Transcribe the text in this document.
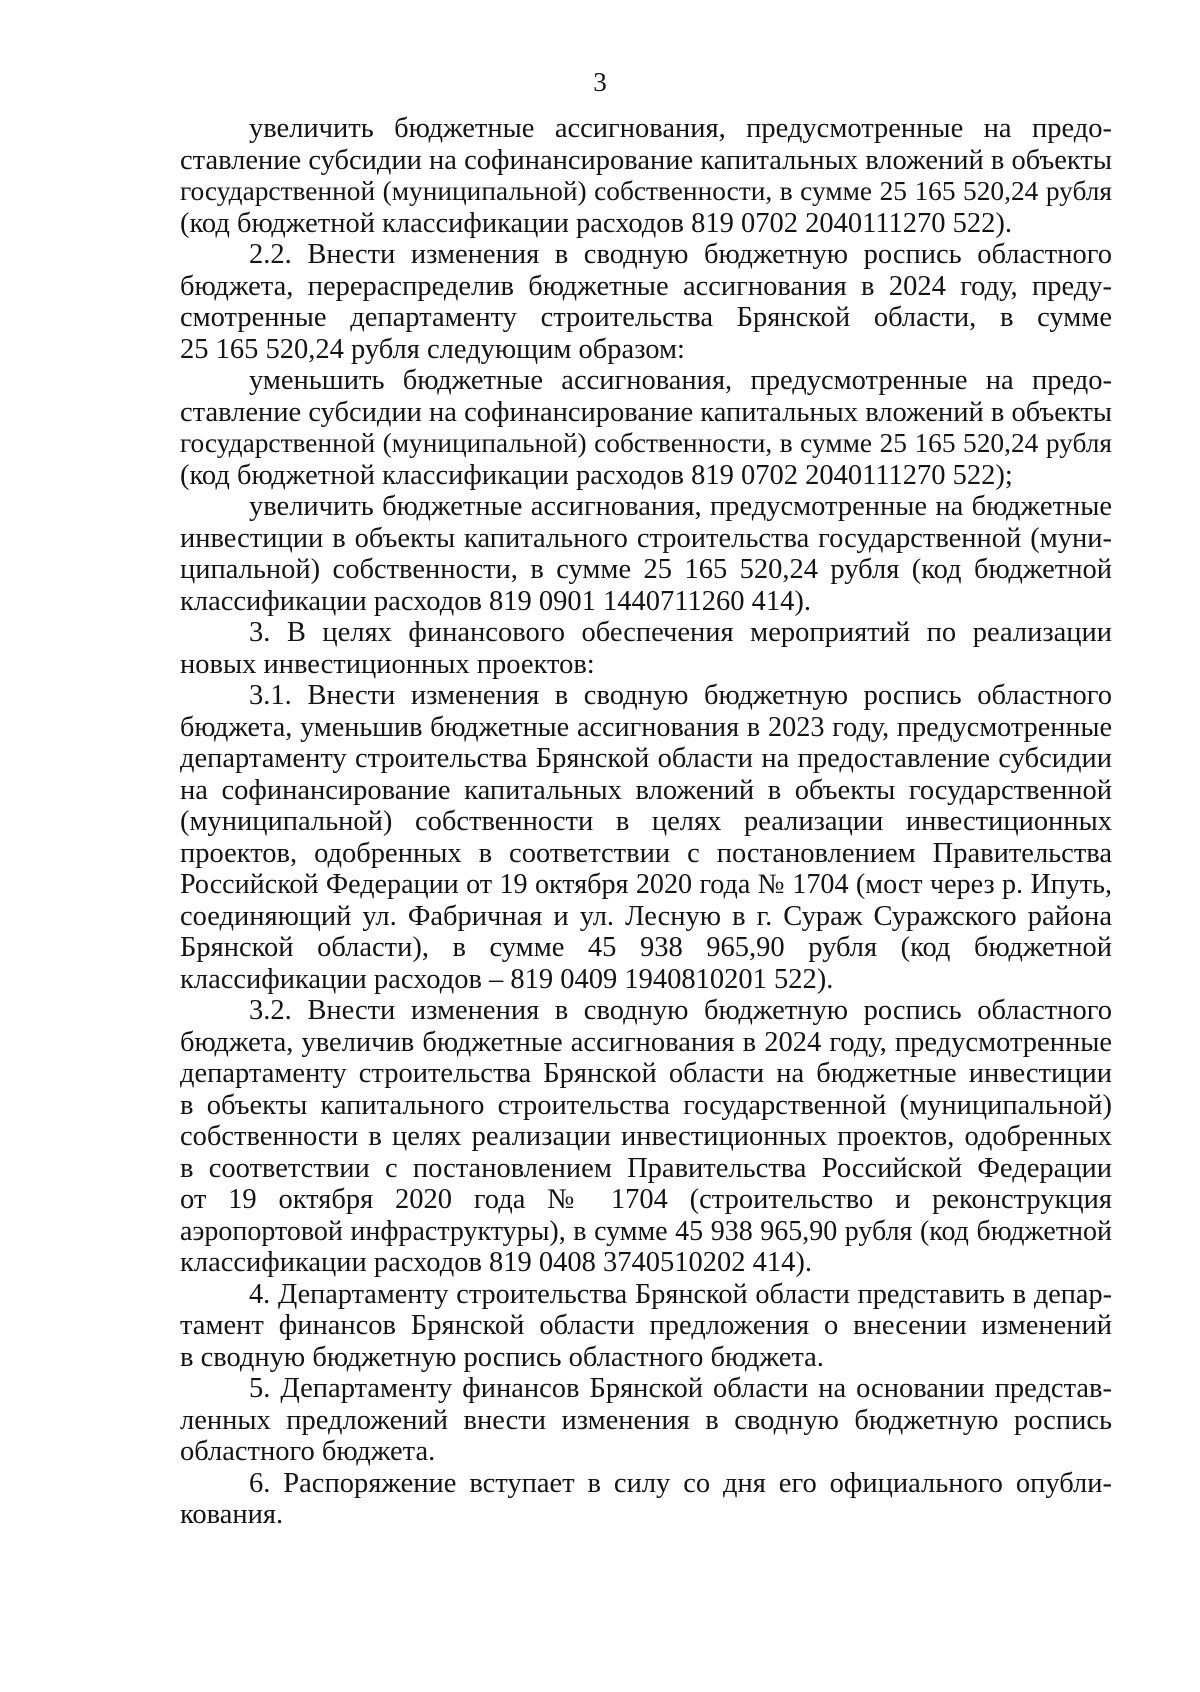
3
увеличить бюджетные ассигнования, предусмотренные на предо-
ставление субсидии на софинансирование капитальных вложений в объекты
государственной (муниципальной) собственности, в сумме 25 165 520,24 рубля
(код бюджетной классификации расходов 819 0702 2040111270 522).
2.2. Внести изменения в сводную бюджетную роспись областного
бюджета, перераспределив бюджетные ассигнования в 2024 году, преду-
смотренные департаменту строительства Брянской области, в сумме
25 165 520,24 рубля следующим образом:
уменьшить бюджетные ассигнования, предусмотренные на предо-
ставление субсидии на софинансирование капитальных вложений в объекты
государственной (муниципальной) собственности, в сумме 25 165 520,24 рубля
(код бюджетной классификации расходов 819 0702 2040111270 522);
увеличить бюджетные ассигнования, предусмотренные на бюджетные
инвестиции в объекты капитального строительства государственной (муни-
ципальной) собственности, в сумме 25 165 520,24 рубля (код бюджетной
классификации расходов 819 0901 1440711260 414).
3. В целях финансового обеспечения мероприятий по реализации
новых инвестиционных проектов:
3.1. Внести изменения в сводную бюджетную роспись областного
бюджета, уменьшив бюджетные ассигнования в 2023 году, предусмотренные
департаменту строительства Брянской области на предоставление субсидии
на софинансирование капитальных вложений в объекты государственной
(муниципальной) собственности в целях реализации инвестиционных
проектов, одобренных в соответствии с постановлением Правительства
Российской Федерации от 19 октября 2020 года № 1704 (мост через р. Ипуть,
соединяющий ул. Фабричная и ул. Лесную в г. Сураж Суражского района
Брянской области), в сумме 45 938 965,90 рубля (код бюджетной
классификации расходов – 819 0409 1940810201 522).
3.2. Внести изменения в сводную бюджетную роспись областного
бюджета, увеличив бюджетные ассигнования в 2024 году, предусмотренные
департаменту строительства Брянской области на бюджетные инвестиции
в объекты капитального строительства государственной (муниципальной)
собственности в целях реализации инвестиционных проектов, одобренных
в соответствии с постановлением Правительства Российской Федерации
от 19 октября 2020 года № 1704 (строительство и реконструкция
аэропортовой инфраструктуры), в сумме 45 938 965,90 рубля (код бюджетной
классификации расходов 819 0408 3740510202 414).
4. Департаменту строительства Брянской области представить в депар-
тамент финансов Брянской области предложения о внесении изменений
в сводную бюджетную роспись областного бюджета.
5. Департаменту финансов Брянской области на основании представ-
ленных предложений внести изменения в сводную бюджетную роспись
областного бюджета.
6. Распоряжение вступает в силу со дня его официального опубли-
кования.
